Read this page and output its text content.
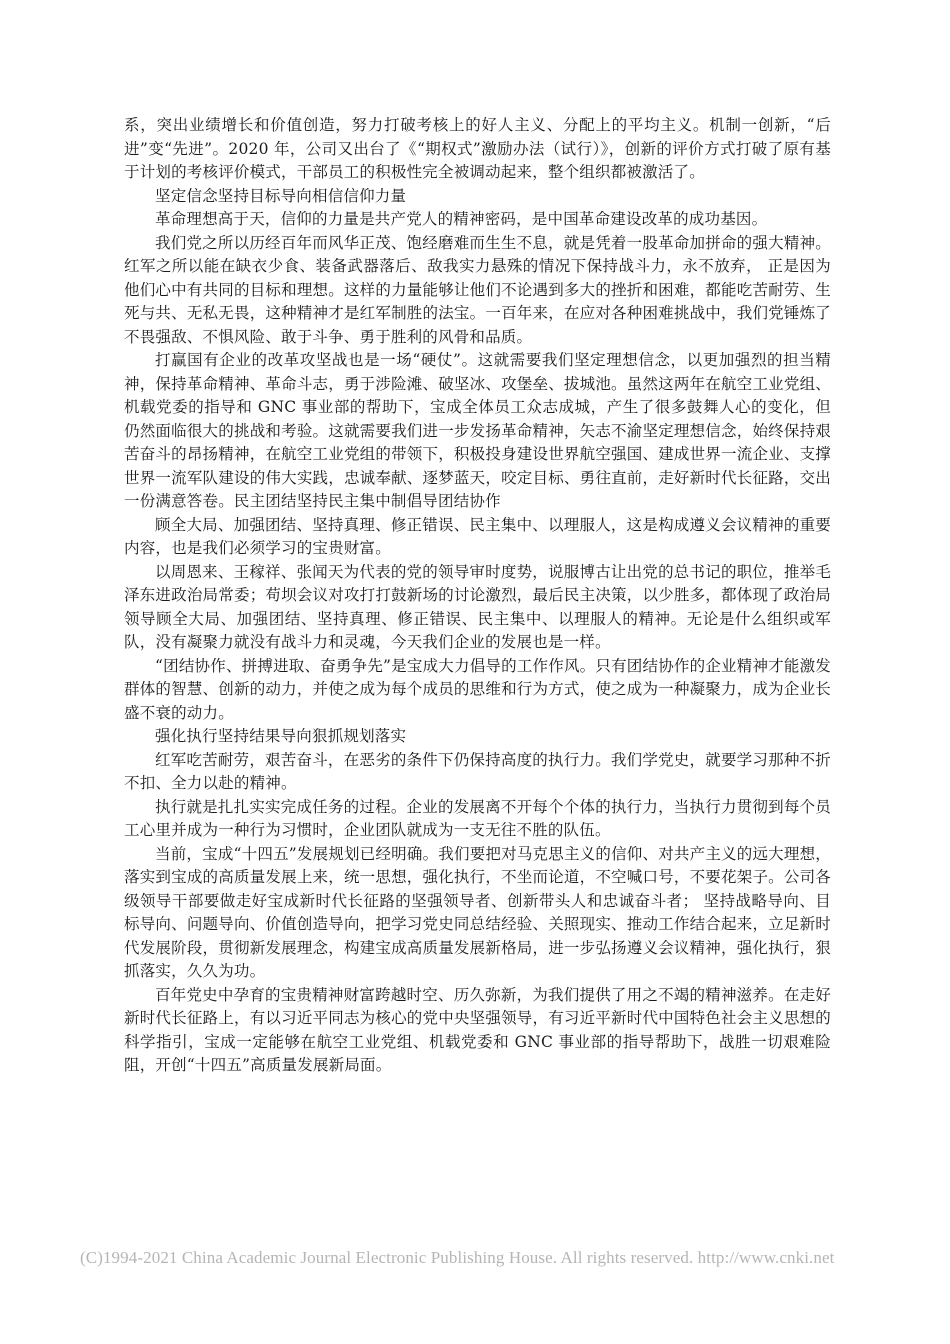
系，突出业绩增长和价值创造，努力打破考核上的好人主义、分配上的平均主义。机制一创新，“后进”变“先进”。2020 年，公司又出台了《“期权式”激励办法（试行）》，创新的评价方式打破了原有基于计划的考核评价模式，干部员工的积极性完全被调动起来，整个组织都被激活了。

坚定信念坚持目标导向相信信仰力量

革命理想高于天，信仰的力量是共产党人的精神密码，是中国革命建设改革的成功基因。

我们党之所以历经百年而风华正茂、饱经磨难而生生不息，就是凭着一股革命加拼命的强大精神。红军之所以能在缺衣少食、装备武器落后、敌我实力悬殊的情况下保持战斗力，永不放弃， 正是因为他们心中有共同的目标和理想。这样的力量能够让他们不论遇到多大的挫折和困难，都能吃苦耐劳、生死与共、无私无畏，这种精神才是红军制胜的法宝。一百年来，在应对各种困难挑战中，我们党锤炼了不畏强敌、不惧风险、敢于斗争、勇于胜利的风骨和品质。

打赢国有企业的改革攻坚战也是一场“硬仗”。这就需要我们坚定理想信念，以更加强烈的担当精神，保持革命精神、革命斗志，勇于涉险滩、破坚冰、攻堡垒、拔城池。虽然这两年在航空工业党组、机载党委的指导和 GNC 事业部的帮助下，宝成全体员工众志成城，产生了很多鼓舞人心的变化，但仍然面临很大的挑战和考验。这就需要我们进一步发扬革命精神，矢志不渝坚定理想信念，始终保持艰苦奋斗的昂扬精神，在航空工业党组的带领下，积极投身建设世界航空强国、建成世界一流企业、支撑世界一流军队建设的伟大实践，忠诚奉献、逐梦蓝天，咬定目标、勇往直前，走好新时代长征路，交出一份满意答卷。民主团结坚持民主集中制倡导团结协作

顾全大局、加强团结、坚持真理、修正错误、民主集中、以理服人，这是构成遵义会议精神的重要内容，也是我们必须学习的宝贵财富。

以周恩来、王稼祥、张闻天为代表的党的领导审时度势，说服博古让出党的总书记的职位，推举毛泽东进政治局常委；苟坝会议对攻打打鼓新场的讨论激烈，最后民主决策，以少胜多，都体现了政治局领导顾全大局、加强团结、坚持真理、修正错误、民主集中、以理服人的精神。无论是什么组织或军队，没有凝聚力就没有战斗力和灵魂，今天我们企业的发展也是一样。

“团结协作、拼搏进取、奋勇争先”是宝成大力倡导的工作作风。只有团结协作的企业精神才能激发群体的智慧、创新的动力，并使之成为每个成员的思维和行为方式，使之成为一种凝聚力，成为企业长盛不衰的动力。

强化执行坚持结果导向狠抓规划落实

红军吃苦耐劳，艰苦奋斗，在恶劣的条件下仍保持高度的执行力。我们学党史，就要学习那种不折不扣、全力以赴的精神。

执行就是扎扎实实完成任务的过程。企业的发展离不开每个个体的执行力，当执行力贯彻到每个员工心里并成为一种行为习惯时，企业团队就成为一支无往不胜的队伍。

当前，宝成“十四五”发展规划已经明确。我们要把对马克思主义的信仰、对共产主义的远大理想，落实到宝成的高质量发展上来，统一思想，强化执行，不坐而论道，不空喊口号，不要花架子。公司各级领导干部要做走好宝成新时代长征路的坚强领导者、创新带头人和忠诚奋斗者； 坚持战略导向、目标导向、问题导向、价值创造导向，把学习党史同总结经验、关照现实、推动工作结合起来，立足新时代发展阶段，贯彻新发展理念，构建宝成高质量发展新格局，进一步弘扬遵义会议精神，强化执行，狠抓落实，久久为功。

百年党史中孕育的宝贵精神财富跨越时空、历久弥新，为我们提供了用之不竭的精神滋养。在走好新时代长征路上，有以习近平同志为核心的党中央坚强领导，有习近平新时代中国特色社会主义思想的科学指引，宝成一定能够在航空工业党组、机载党委和 GNC 事业部的指导帮助下，战胜一切艰难险阻，开创“十四五”高质量发展新局面。

(C)1994-2021 China Academic Journal Electronic Publishing House. All rights reserved. http://www.cnki.net
